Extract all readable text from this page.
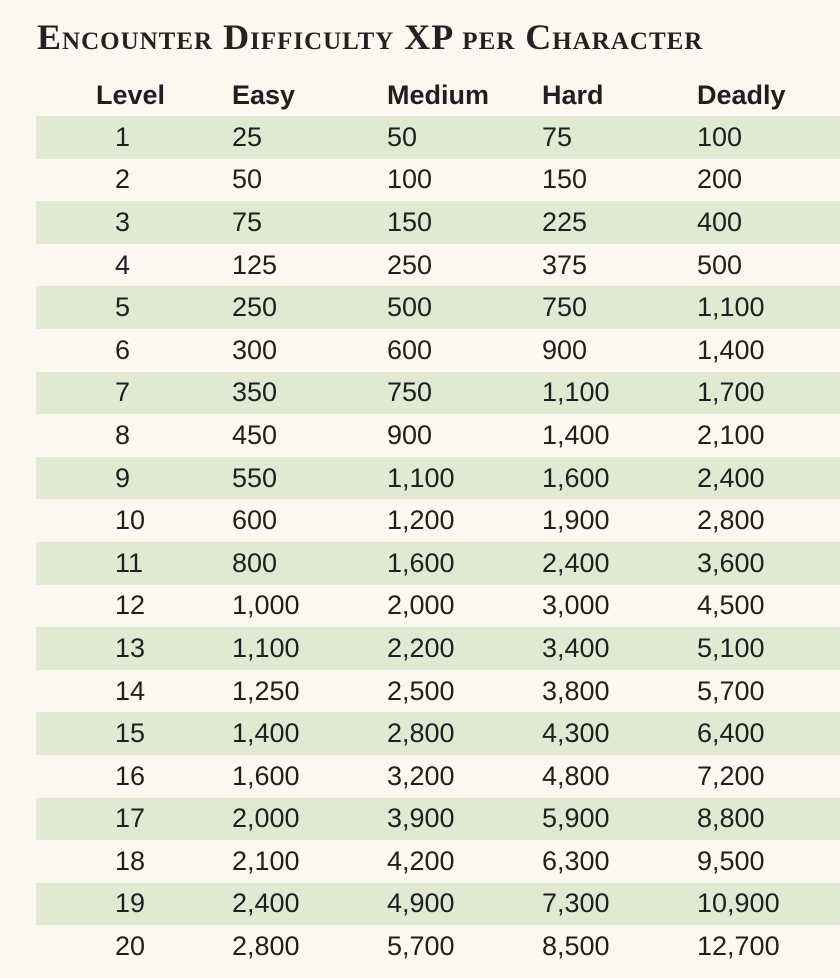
Encounter Difficulty XP per Character
Level	Easy	Medium	Hard	Deadly
1	25	50	75	100
2	50	100	150	200
3	75	150	225	400
4	125	250	375	500
5	250	500	750	1,100
6	300	600	900	1,400
7	350	750	1,100	1,700
8	450	900	1,400	2,100
9	550	1,100	1,600	2,400
10	600	1,200	1,900	2,800
11	800	1,600	2,400	3,600
12	1,000	2,000	3,000	4,500
13	1,100	2,200	3,400	5,100
14	1,250	2,500	3,800	5,700
15	1,400	2,800	4,300	6,400
16	1,600	3,200	4,800	7,200
17	2,000	3,900	5,900	8,800
18	2,100	4,200	6,300	9,500
19	2,400	4,900	7,300	10,900
20	2,800	5,700	8,500	12,700
